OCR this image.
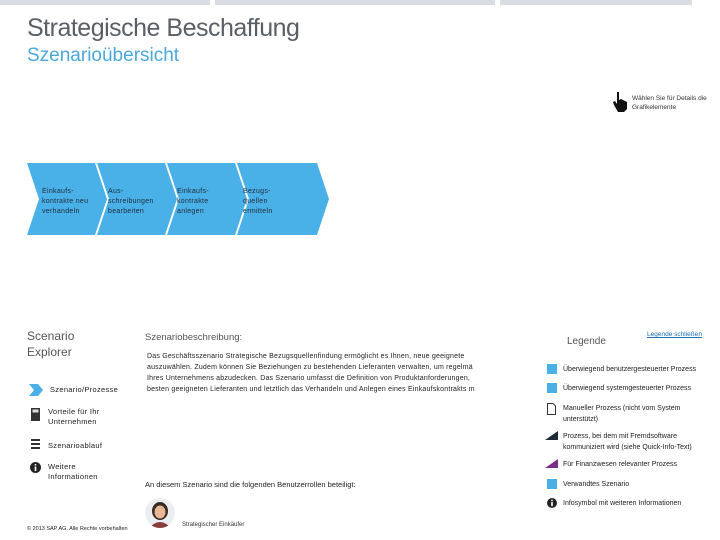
Strategische Beschaffung
Szenarioübersicht
Wählen Sie für Details die Grafikelemente
Einkaufs-
kontrakte neu
verhandeln
Aus-
schreibungen
bearbeiten
Einkaufs-
kontrakte
anlegen
Bezugs-
quellen
ermitteln
Scenario
Explorer
Szenario/Prozesse
Vorteile für Ihr
Unternehmen
Szenarioablauf
Weitere
Informationen
Szenariobeschreibung:
Das Geschäftsszenario Strategische Bezugsquellenfindung ermöglicht es Ihnen, neue geeignete
auszuwählen. Zudem können Sie Beziehungen zu bestehenden Lieferanten verwalten, um regelmä
Ihres Unternehmens abzudecken. Das Szenario umfasst die Definition von Produktanforderungen,
besten geeigneten Lieferanten und letztlich das Verhandeln und Anlegen eines Einkaufskontrakts m
An diesem Szenario sind die folgenden Benutzerrollen beteiligt:
Strategischer Einkäufer
© 2013 SAP AG. Alle Rechte vorbehalten
Legende
Legende schließen
Überwiegend benutzergesteuerter Prozess
Überwiegend systemgesteuerter Prozess
Manueller Prozess (nicht vom System
unterstützt)
Prozess, bei dem mit Fremdsoftware
kommuniziert wird (siehe Quick-Info-Text)
Für Finanzwesen relevanter Prozess
Verwandtes Szenario
Infosymbol mit weiteren Informationen
